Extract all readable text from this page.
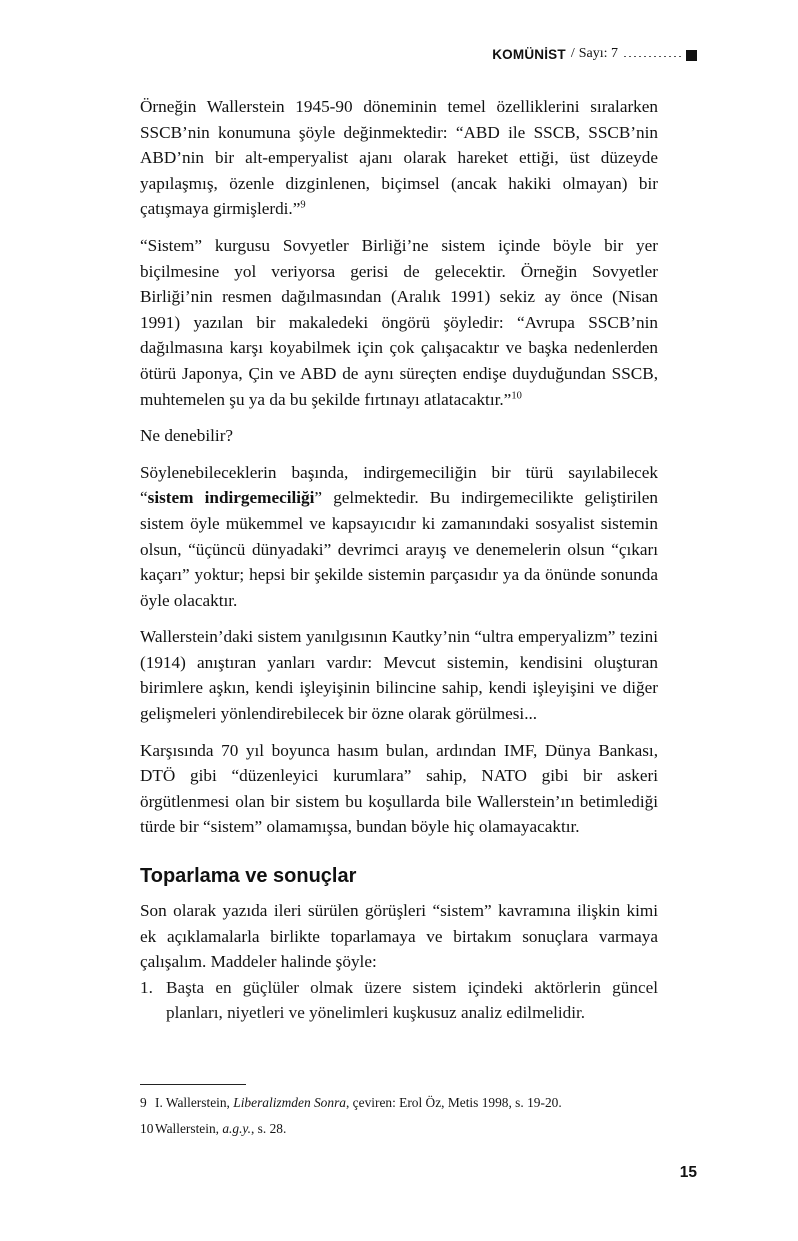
KOMÜNİST / Sayı: 7

Örneğin Wallerstein 1945-90 döneminin temel özelliklerini sıralarken SSCB’nin konumuna şöyle değinmektedir: “ABD ile SSCB, SSCB’nin ABD’nin bir alt-emperyalist ajanı olarak hareket ettiği, üst düzeyde yapılaşmış, özenle dizginlenen, biçimsel (ancak hakiki olmayan) bir çatışmaya girmişlerdi.”$^9$

“Sistem” kurgusu Sovyetler Birliği’ne sistem içinde böyle bir yer biçilmesine yol veriyorsa gerisi de gelecektir. Örneğin Sovyetler Birliği’nin resmen dağılmasından (Aralık 1991) sekiz ay önce (Nisan 1991) yazılan bir makaledeki öngörü şöyledir: “Avrupa SSCB’nin dağılmasına karşı koyabilmek için çok çalışacaktır ve başka nedenlerden ötürü Japonya, Çin ve ABD de aynı süreçten endişe duyduğundan SSCB, muhtemelen şu ya da bu şekilde fırtınayı atlatacaktır.”$^{10}$

Ne denebilir?

Söylenebileceklerin başında, indirgemeciliğin bir türü sayılabilecek “sistem indirgemeciliği” gelmektedir. Bu indirgemecilikte geliştirilen sistem öyle mükemmel ve kapsayıcıdır ki zamanındaki sosyalist sistemin olsun, “üçüncü dünyadaki” devrimci arayış ve denemelerin olsun “çıkarı kaçarı” yoktur; hepsi bir şekilde sistemin parçasıdır ya da önünde sonunda öyle olacaktır.

Wallerstein’daki sistem yanılgısının Kautky’nin “ultra emperyalizm” tezini (1914) anıştıran yanları vardır: Mevcut sistemin, kendisini oluşturan birimlere aşkın, kendi işleyişinin bilincine sahip, kendi işleyişini ve diğer gelişmeleri yönlendirebilecek bir özne olarak görülmesi...

Karşısında 70 yıl boyunca hasım bulan, ardından IMF, Dünya Bankası, DTÖ gibi “düzenleyici kurumlara” sahip, NATO gibi bir askeri örgütlenmesi olan bir sistem bu koşullarda bile Wallerstein’ın betimlediği türde bir “sistem” olamamışsa, bundan böyle hiç olamayacaktır.

Toparlama ve sonuçlar

Son olarak yazıda ileri sürülen görüşleri “sistem” kavramına ilişkin kimi ek açıklamalarla birlikte toparlamaya ve birtakım sonuçlara varmaya çalışalım. Maddeler halinde şöyle:

1. Başta en güçlüler olmak üzere sistem içindeki aktörlerin güncel planları, niyetleri ve yönelimleri kuşkusuz analiz edilmelidir.
9 I. Wallerstein, Liberalizmden Sonra, çeviren: Erol Öz, Metis 1998, s. 19-20.
10 Wallerstein, a.g.y., s. 28.
15
